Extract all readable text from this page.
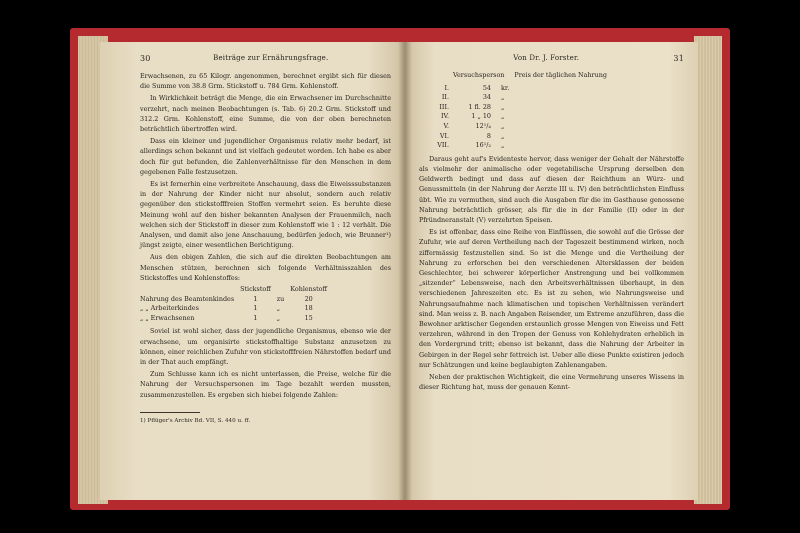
30	Beiträge zur Ernährungsfrage.

Erwachsenen, zu 65 Kilogr. angenommen, berechnet ergibt sich für diesen die Summe von 38.8 Grm. Stickstoff u. 784 Grm. Kohlenstoff.

In Wirklichkeit beträgt die Menge, die ein Erwachsener im Durchschnitte verzehrt, nach meinen Beobachtungen (s. Tab. 6) 20.2 Grm. Stickstoff und 312.2 Grm. Kohlenstoff, eine Summe, die von der oben berechneten beträchtlich übertroffen wird.

Dass ein kleiner und jugendlicher Organismus relativ mehr bedarf, ist allerdings schon bekannt und ist vielfach gedeutet worden. Ich habe es aber doch für gut befunden, die Zahlenverhältnisse für den Menschen in dem gegebenen Falle festzusetzen.

Es ist fernerhin eine verbreitete Anschauung, dass die Eiweisssubstanzen in der Nahrung der Kinder nicht nur absolut, sondern auch relativ gegenüber den stickstofffreien Stoffen vermehrt seien. Es beruhte diese Meinung wohl auf den bisher bekannten Analysen der Frauenmilch, nach welchen sich der Stickstoff in dieser zum Kohlenstoff wie 1 : 12 verhält. Die Analysen, und damit also jene Anschauung, bedürfen jedoch, wie Brunner¹) jüngst zeigte, einer wesentlichen Berichtigung.

Aus den obigen Zahlen, die sich auf die direkten Beobachtungen am Menschen stützen, berechnen sich folgende Verhältnisszahlen des Stickstoffes und Kohlenstoffes:

	Stickstoff		Kohlenstoff
Nahrung des Beamtenkindes	1	zu	20
„ „ Arbeiterkindes	1	„	18
„ „ Erwachsenen	1	„	15

Soviel ist wohl sicher, dass der jugendliche Organismus, ebenso wie der erwachsene, um organisirte stickstoffhaltige Substanz anzusetzen zu können, einer reichlichen Zufuhr von stickstofffreien Nährstoffen bedarf und in der That auch empfängt.

Zum Schlusse kann ich es nicht unterlassen, die Preise, welche für die Nahrung der Versuchspersonen im Tage bezahlt werden mussten, zusammenzustellen. Es ergeben sich hiebei folgende Zahlen:

1) Pflüger's Archiv Bd. VII, S. 440 u. ff.
Von Dr. J. Forster.	31
Versuchsperson	Preis der täglichen Nahrung
I.	54	kr.
II.	34	„
III.	1 fl. 28	„
IV.	1 „ 10	„
V.	12¹/₄	„
VI.	8	„
VII.	16¹/₂	„

Daraus geht auf's Evidenteste hervor, dass weniger der Gehalt der Nährstoffe als vielmehr der animalische oder vegetabilische Ursprung derselben den Geldwerth bedingt und dass auf diesen der Reichthum an Würz- und Genussmitteln (in der Nahrung der Aerzte III u. IV) den beträchtlichsten Einfluss übt. Wie zu vermuthen, sind auch die Ausgaben für die im Gasthause genossene Nahrung beträchtlich grösser, als für die in der Familie (II) oder in der Pfründneranstalt (V) verzehrten Speisen.

Es ist offenbar, dass eine Reihe von Einflüssen, die sowohl auf die Grösse der Zufuhr, wie auf deren Vertheilung nach der Tageszeit bestimmend wirken, noch ziffermässig festzustellen sind. So ist die Menge und die Vertheilung der Nahrung zu erforschen bei den verschiedenen Altersklassen der beiden Geschlechter, bei schwerer körperlicher Anstrengung und bei vollkommen „sitzender“ Lebensweise, nach den Arbeitsverhältnissen überhaupt, in den verschiedenen Jahreszeiten etc. Es ist zu sehen, wie Nahrungsweise und Nahrungsaufnahme nach klimatischen und topischen Verhältnissen verändert sind. Man weiss z. B. nach Angaben Reisender, um Extreme anzuführen, dass die Bewohner arktischer Gegenden erstaunlich grosse Mengen von Eiweiss und Fett verzehren, während in den Tropen der Genuss von Kohlehydraten erheblich in den Vordergrund tritt; ebenso ist bekannt, dass die Nahrung der Arbeiter in Gebirgen in der Regel sehr fettreich ist. Ueber alle diese Punkte existiren jedoch nur Schätzungen und keine beglaubigten Zahlenangaben.

Neben der praktischen Wichtigkeit, die eine Vermehrung unseres Wissens in dieser Richtung hat, muss der genauen Kennt-
